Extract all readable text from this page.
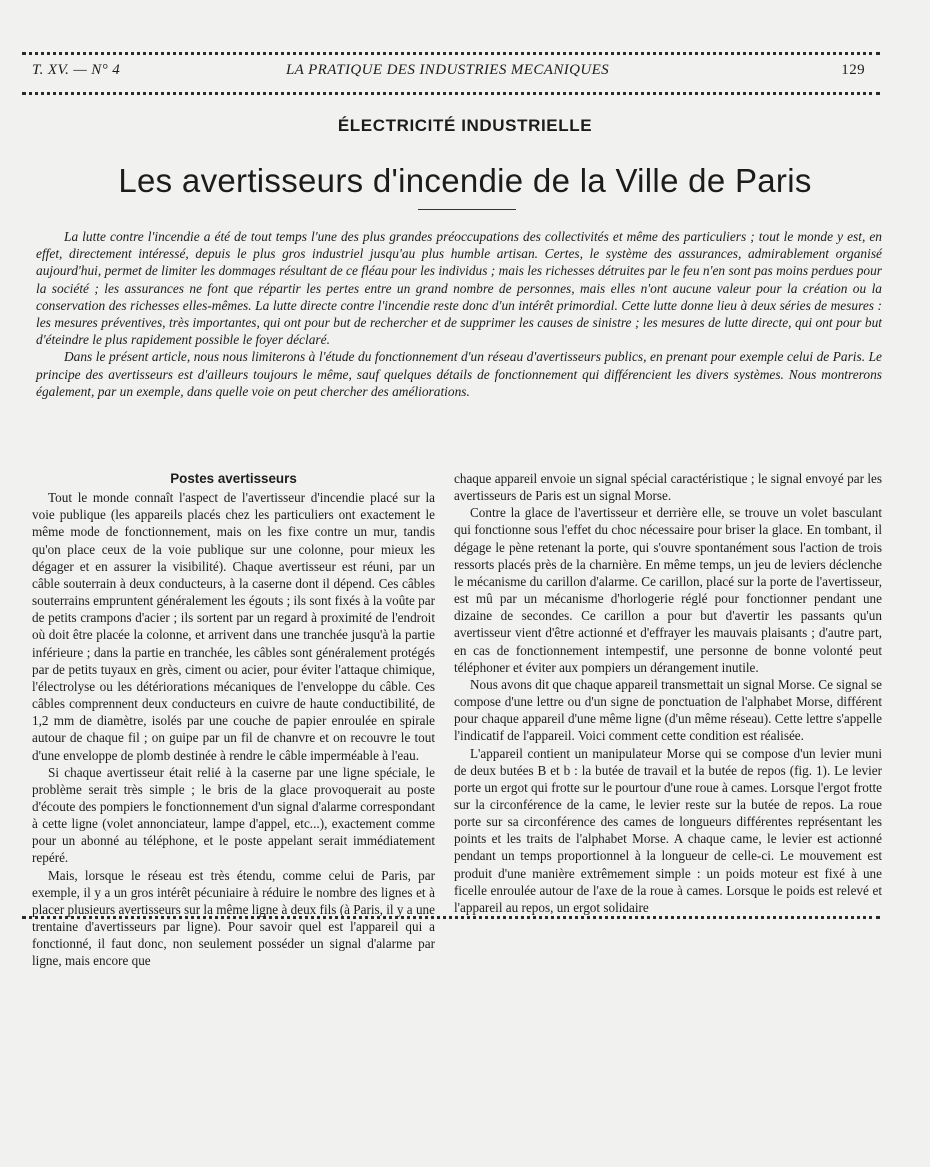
T. XV. — N° 4	LA PRATIQUE DES INDUSTRIES MECANIQUES	129
ÉLECTRICITÉ INDUSTRIELLE
Les avertisseurs d'incendie de la Ville de Paris

La lutte contre l'incendie a été de tout temps l'une des plus grandes préoccupations des collectivités et même des particuliers ; tout le monde y est, en effet, directement intéressé, depuis le plus gros industriel jusqu'au plus humble artisan. Certes, le système des assurances, admirablement organisé aujourd'hui, permet de limiter les dommages résultant de ce fléau pour les individus ; mais les richesses détruites par le feu n'en sont pas moins perdues pour la société ; les assurances ne font que répartir les pertes entre un grand nombre de personnes, mais elles n'ont aucune valeur pour la création ou la conservation des richesses elles-mêmes. La lutte directe contre l'incendie reste donc d'un intérêt primordial. Cette lutte donne lieu à deux séries de mesures : les mesures préventives, très importantes, qui ont pour but de rechercher et de supprimer les causes de sinistre ; les mesures de lutte directe, qui ont pour but d'éteindre le plus rapidement possible le foyer déclaré.

Dans le présent article, nous nous limiterons à l'étude du fonctionnement d'un réseau d'avertisseurs publics, en prenant pour exemple celui de Paris. Le principe des avertisseurs est d'ailleurs toujours le même, sauf quelques détails de fonctionnement qui différencient les divers systèmes. Nous montrerons également, par un exemple, dans quelle voie on peut chercher des améliorations.

Postes avertisseurs

Tout le monde connaît l'aspect de l'avertisseur d'incendie placé sur la voie publique (les appareils placés chez les particuliers ont exactement le même mode de fonctionnement, mais on les fixe contre un mur, tandis qu'on place ceux de la voie publique sur une colonne, pour mieux les dégager et en assurer la visibilité). Chaque avertisseur est réuni, par un câble souterrain à deux conducteurs, à la caserne dont il dépend. Ces câbles souterrains empruntent généralement les égouts ; ils sont fixés à la voûte par de petits crampons d'acier ; ils sortent par un regard à proximité de l'endroit où doit être placée la colonne, et arrivent dans une tranchée jusqu'à la partie inférieure ; dans la partie en tranchée, les câbles sont généralement protégés par de petits tuyaux en grès, ciment ou acier, pour éviter l'attaque chimique, l'électrolyse ou les détériorations mécaniques de l'enveloppe du câble. Ces câbles comprennent deux conducteurs en cuivre de haute conductibilité, de 1,2 mm de diamètre, isolés par une couche de papier enroulée en spirale autour de chaque fil ; on guipe par un fil de chanvre et on recouvre le tout d'une enveloppe de plomb destinée à rendre le câble imperméable à l'eau.

Si chaque avertisseur était relié à la caserne par une ligne spéciale, le problème serait très simple ; le bris de la glace provoquerait au poste d'écoute des pompiers le fonctionnement d'un signal d'alarme correspondant à cette ligne (volet annonciateur, lampe d'appel, etc...), exactement comme pour un abonné au téléphone, et le poste appelant serait immédiatement repéré.

Mais, lorsque le réseau est très étendu, comme celui de Paris, par exemple, il y a un gros intérêt pécuniaire à réduire le nombre des lignes et à placer plusieurs avertisseurs sur la même ligne à deux fils (à Paris, il y a une trentaine d'avertisseurs par ligne). Pour savoir quel est l'appareil qui a fonctionné, il faut donc, non seulement posséder un signal d'alarme par ligne, mais encore que

chaque appareil envoie un signal spécial caractéristique ; le signal envoyé par les avertisseurs de Paris est un signal Morse.

Contre la glace de l'avertisseur et derrière elle, se trouve un volet basculant qui fonctionne sous l'effet du choc nécessaire pour briser la glace. En tombant, il dégage le pène retenant la porte, qui s'ouvre spontanément sous l'action de trois ressorts placés près de la charnière. En même temps, un jeu de leviers déclenche le mécanisme du carillon d'alarme. Ce carillon, placé sur la porte de l'avertisseur, est mû par un mécanisme d'horlogerie réglé pour fonctionner pendant une dizaine de secondes. Ce carillon a pour but d'avertir les passants qu'un avertisseur vient d'être actionné et d'effrayer les mauvais plaisants ; d'autre part, en cas de fonctionnement intempestif, une personne de bonne volonté peut téléphoner et éviter aux pompiers un dérangement inutile.

Nous avons dit que chaque appareil transmettait un signal Morse. Ce signal se compose d'une lettre ou d'un signe de ponctuation de l'alphabet Morse, différent pour chaque appareil d'une même ligne (d'un même réseau). Cette lettre s'appelle l'indicatif de l'appareil. Voici comment cette condition est réalisée.

L'appareil contient un manipulateur Morse qui se compose d'un levier muni de deux butées B et b : la butée de travail et la butée de repos (fig. 1). Le levier porte un ergot qui frotte sur le pourtour d'une roue à cames. Lorsque l'ergot frotte sur la circonférence de la came, le levier reste sur la butée de repos. La roue porte sur sa circonférence des cames de longueurs différentes représentant les points et les traits de l'alphabet Morse. A chaque came, le levier est actionné pendant un temps proportionnel à la longueur de celle-ci. Le mouvement est produit d'une manière extrêmement simple : un poids moteur est fixé à une ficelle enroulée autour de l'axe de la roue à cames. Lorsque le poids est relevé et l'appareil au repos, un ergot solidaire
